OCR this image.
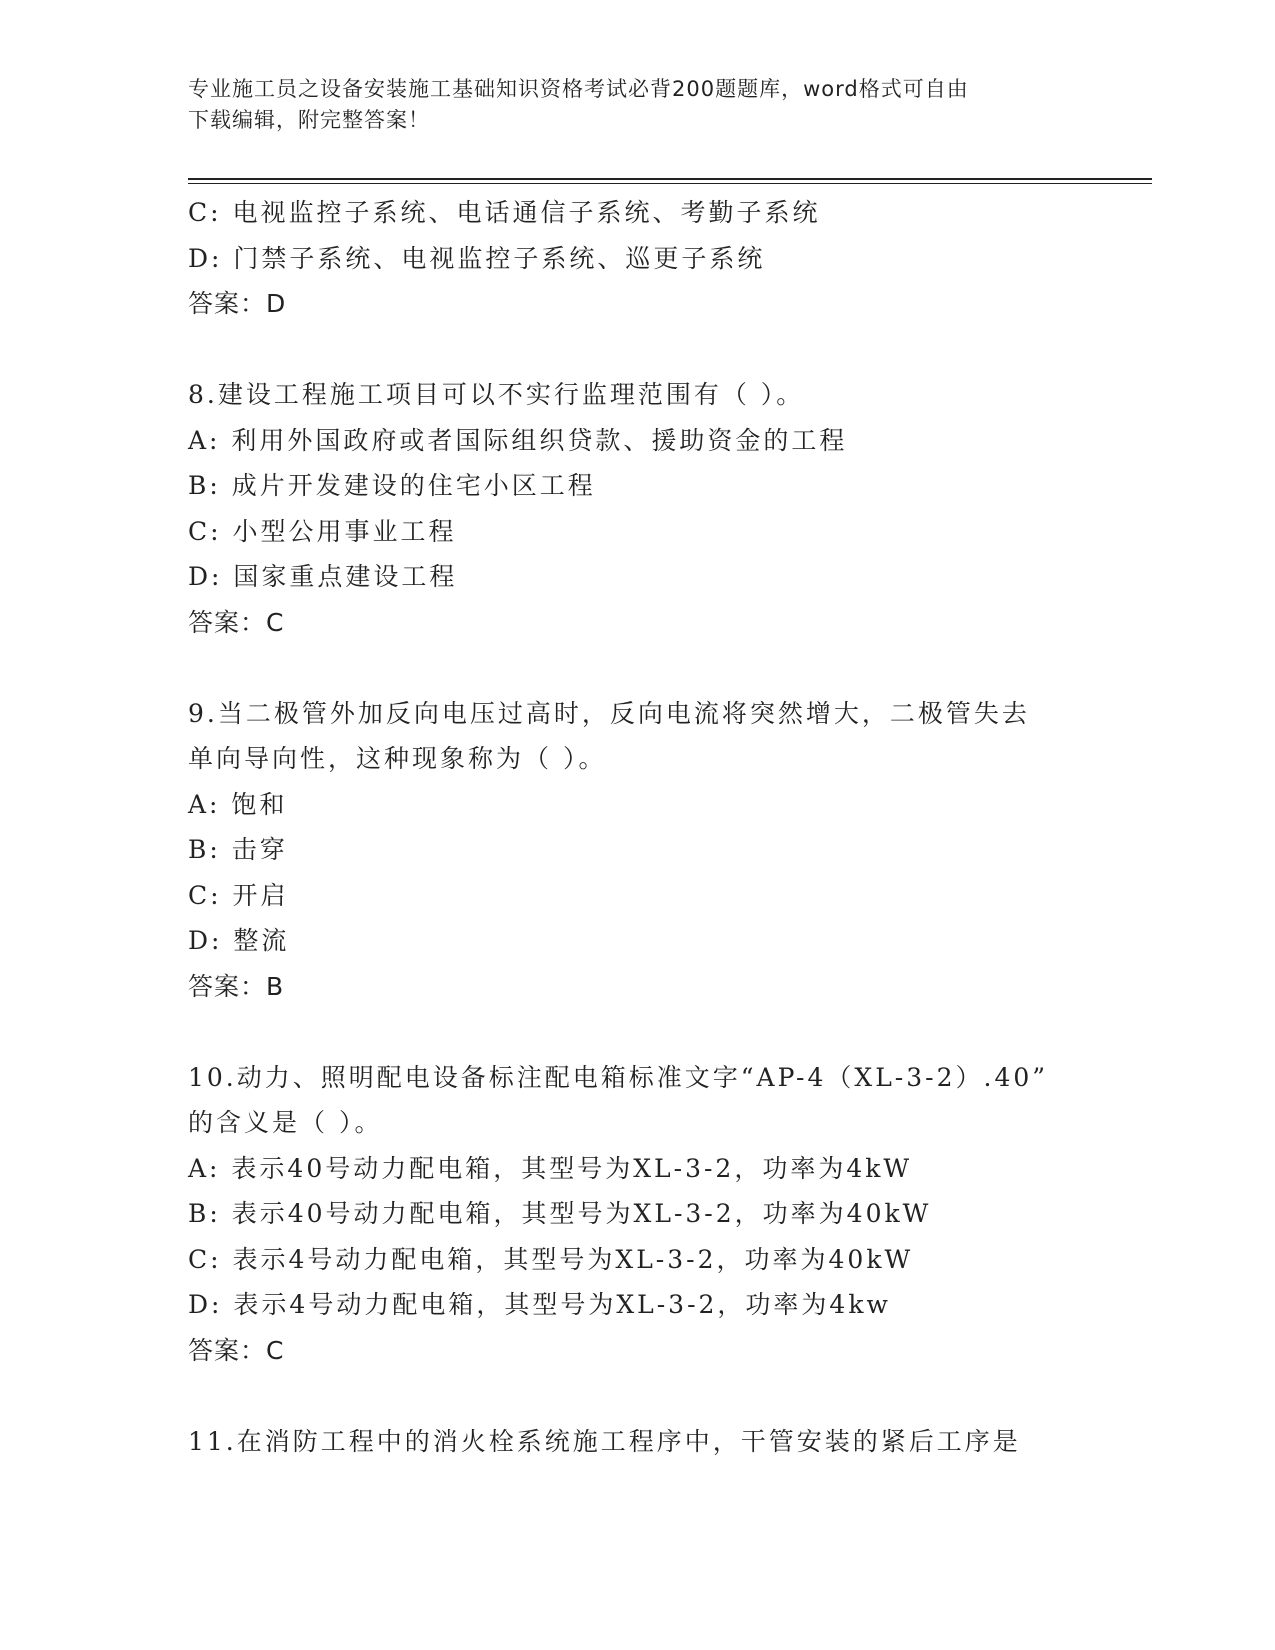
专业施工员之设备安装施工基础知识资格考试必背200题题库，word格式可自由
下载编辑，附完整答案！
C: 电视监控子系统、电话通信子系统、考勤子系统
D: 门禁子系统、电视监控子系统、巡更子系统
答案：D
8.建设工程施工项目可以不实行监理范围有（ ）。
A: 利用外国政府或者国际组织贷款、援助资金的工程
B: 成片开发建设的住宅小区工程
C: 小型公用事业工程
D: 国家重点建设工程
答案：C
9.当二极管外加反向电压过高时，反向电流将突然增大，二极管失去
单向导向性，这种现象称为（ ）。
A: 饱和
B: 击穿
C: 开启
D: 整流
答案：B
10.动力、照明配电设备标注配电箱标准文字“AP-4（XL-3-2）.40”
的含义是（ ）。
A: 表示40号动力配电箱，其型号为XL-3-2，功率为4kW
B: 表示40号动力配电箱，其型号为XL-3-2，功率为40kW
C: 表示4号动力配电箱，其型号为XL-3-2，功率为40kW
D: 表示4号动力配电箱，其型号为XL-3-2，功率为4kw
答案：C
11.在消防工程中的消火栓系统施工程序中，干管安装的紧后工序是
